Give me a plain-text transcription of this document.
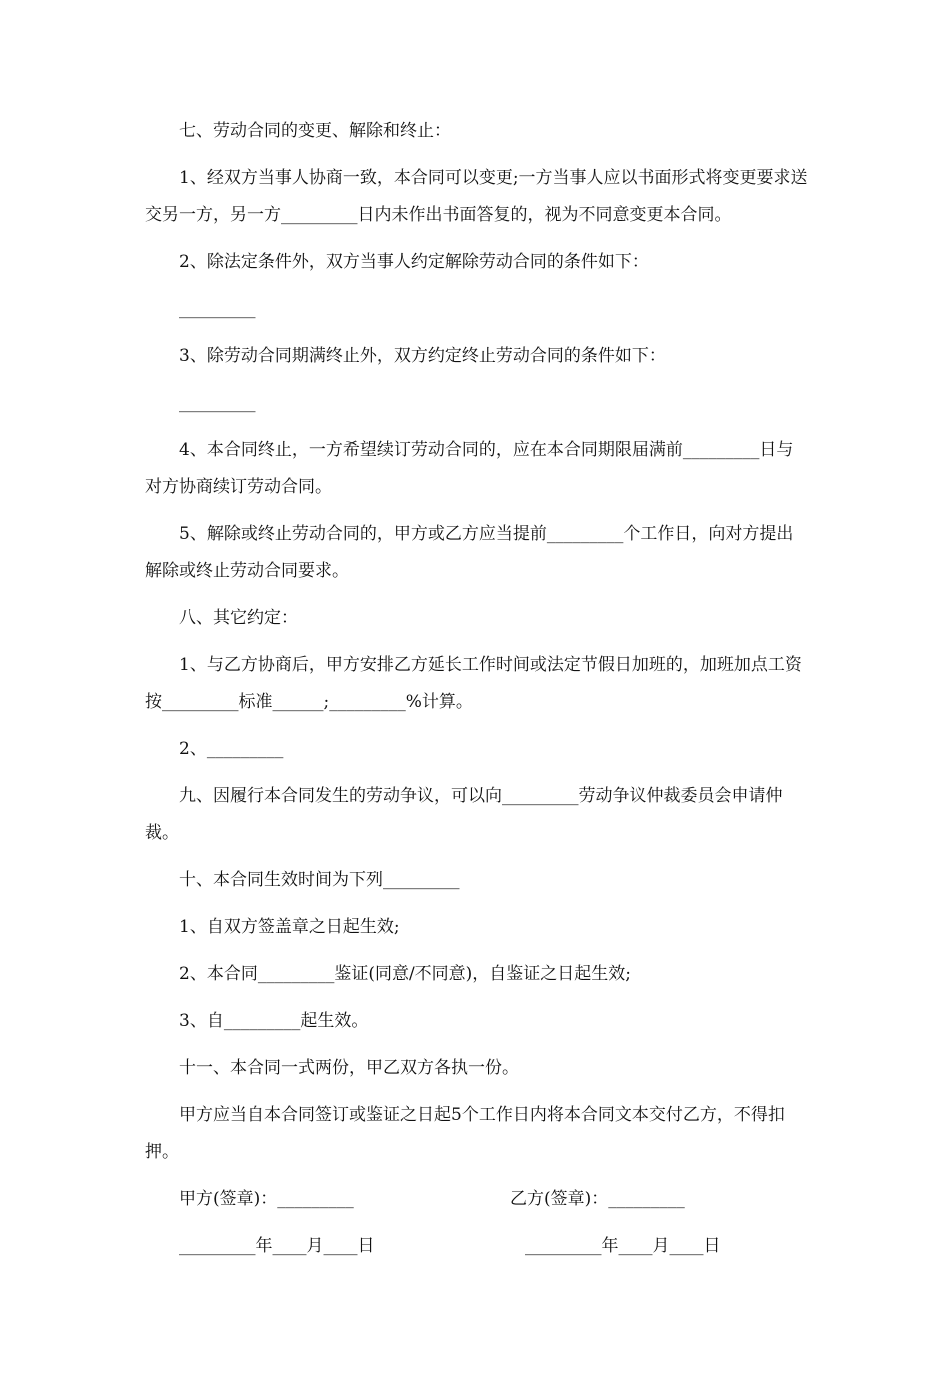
七、劳动合同的变更、解除和终止：

1、经双方当事人协商一致，本合同可以变更;一方当事人应以书面形式将变更要求送交另一方，另一方_________日内未作出书面答复的，视为不同意变更本合同。

2、除法定条件外，双方当事人约定解除劳动合同的条件如下：

_________

3、除劳动合同期满终止外，双方约定终止劳动合同的条件如下：

_________

4、本合同终止，一方希望续订劳动合同的，应在本合同期限届满前_________日与对方协商续订劳动合同。

5、解除或终止劳动合同的，甲方或乙方应当提前_________个工作日，向对方提出解除或终止劳动合同要求。

八、其它约定：

1、与乙方协商后，甲方安排乙方延长工作时间或法定节假日加班的，加班加点工资按_________标准______;_________%计算。

2、_________

九、因履行本合同发生的劳动争议，可以向_________劳动争议仲裁委员会申请仲裁。

十、本合同生效时间为下列_________

1、自双方签盖章之日起生效;

2、本合同_________鉴证(同意/不同意)，自鉴证之日起生效;

3、自_________起生效。

十一、本合同一式两份，甲乙双方各执一份。

甲方应当自本合同签订或鉴证之日起5个工作日内将本合同文本交付乙方，不得扣押。

甲方(签章)：_________

	乙方(签章)：_________

_________年____月____日

	_________年____月____日
